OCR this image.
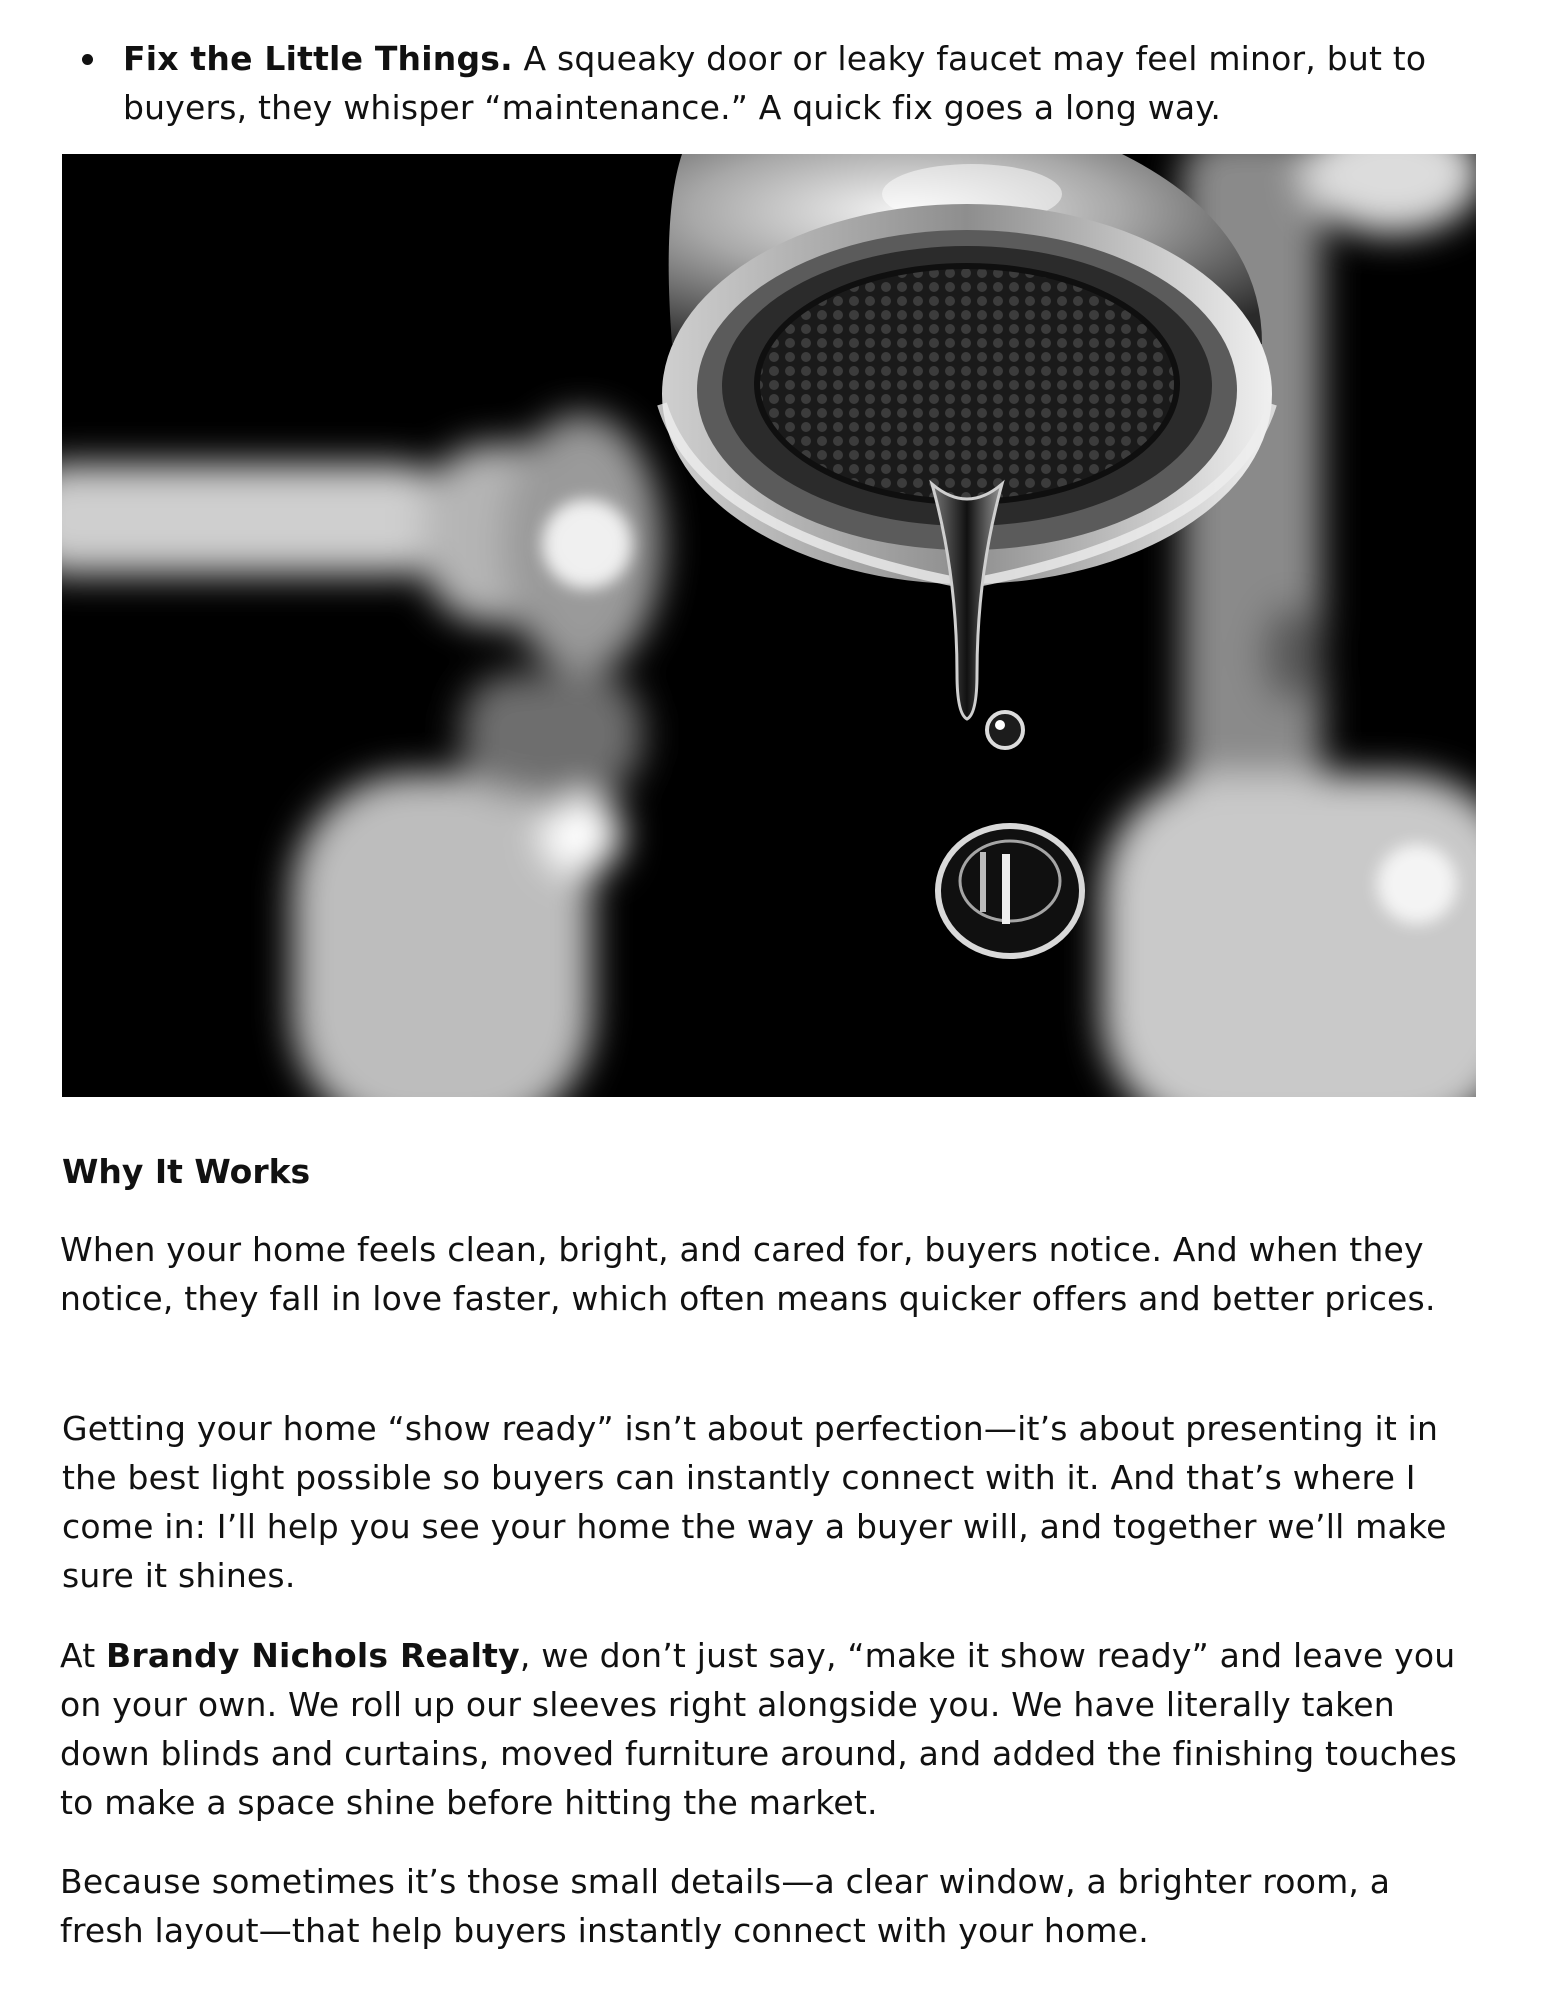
Fix the Little Things. A squeaky door or leaky faucet may feel minor, but to buyers, they whisper “maintenance.” A quick fix goes a long way.
Why It Works

When your home feels clean, bright, and cared for, buyers notice. And when they notice, they fall in love faster, which often means quicker offers and better prices.

Getting your home “show ready” isn’t about perfection—it’s about presenting it in the best light possible so buyers can instantly connect with it. And that’s where I come in: I’ll help you see your home the way a buyer will, and together we’ll make sure it shines.

At Brandy Nichols Realty, we don’t just say, “make it show ready” and leave you on your own. We roll up our sleeves right alongside you. We have literally taken down blinds and curtains, moved furniture around, and added the finishing touches to make a space shine before hitting the market.

Because sometimes it’s those small details—a clear window, a brighter room, a fresh layout—that help buyers instantly connect with your home.
